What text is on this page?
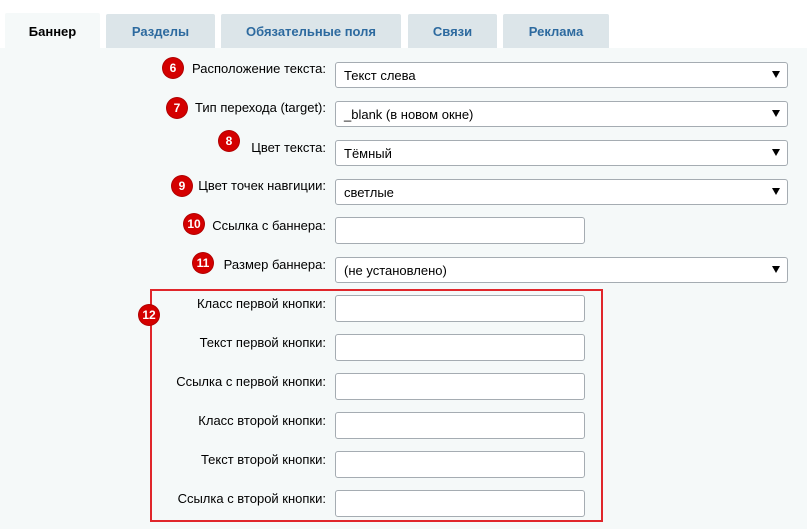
Баннер	Разделы	Обязательные поля	Связи	Реклама
6	Расположение текста: Текст слева
7	Тип перехода (target): _blank (в новом окне)
8	Цвет текста: Тёмный
9 Цвет точек навгиции: светлые
10 Ссылка с баннера:
11	Размер баннера: (не установлено)
12
Класс первой кнопки:
Текст первой кнопки:
Ссылка с первой кнопки:
Класс второй кнопки:
Текст второй кнопки:
Ссылка с второй кнопки:
